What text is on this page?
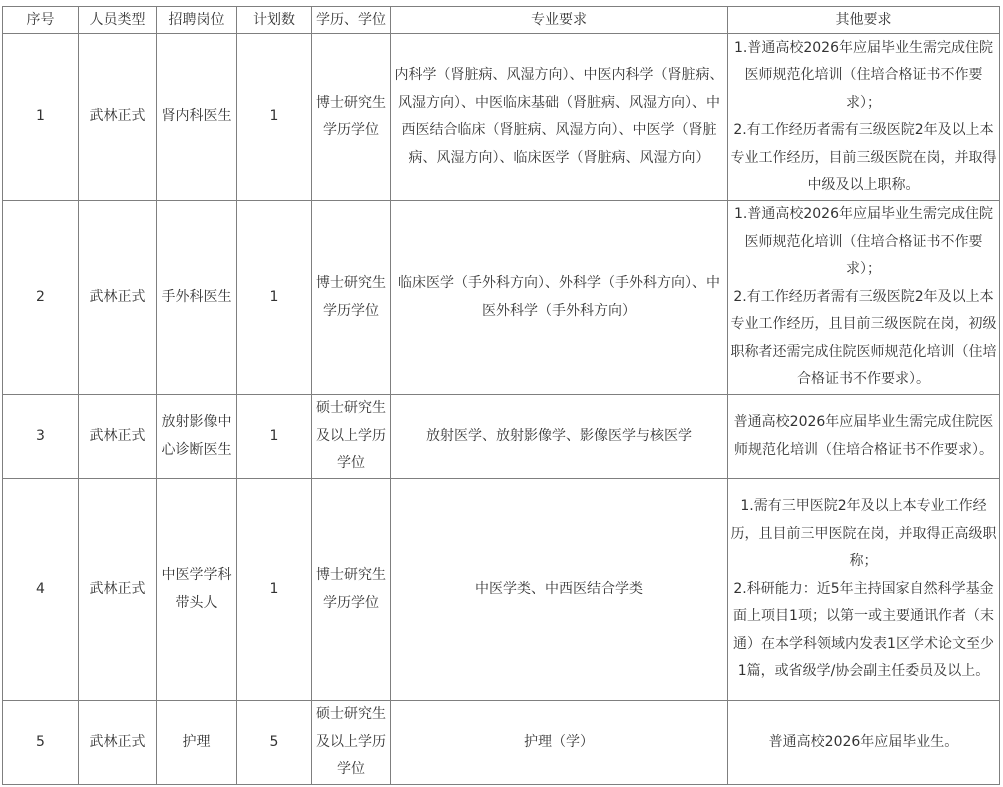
序号	人员类型	招聘岗位	计划数	学历、学位	专业要求	其他要求
1	武林正式	肾内科医生	1	博士研究生学历学位	内科学（肾脏病、风湿方向）、中医内科学（肾脏病、风湿方向）、中医临床基础（肾脏病、风湿方向）、中西医结合临床（肾脏病、风湿方向）、中医学（肾脏病、风湿方向）、临床医学（肾脏病、风湿方向）	1.普通高校2026年应届毕业生需完成住院医师规范化培训（住培合格证书不作要求）；
2.有工作经历者需有三级医院2年及以上本专业工作经历，目前三级医院在岗，并取得中级及以上职称。

2	武林正式	手外科医生	1	博士研究生学历学位	临床医学（手外科方向）、外科学（手外科方向）、中医外科学（手外科方向）	1.普通高校2026年应届毕业生需完成住院医师规范化培训（住培合格证书不作要求）；
2.有工作经历者需有三级医院2年及以上本专业工作经历，且目前三级医院在岗，初级职称者还需完成住院医师规范化培训（住培合格证书不作要求）。

3	武林正式	放射影像中心诊断医生	1	硕士研究生及以上学历学位	放射医学、放射影像学、影像医学与核医学	普通高校2026年应届毕业生需完成住院医师规范化培训（住培合格证书不作要求）。

4	武林正式	中医学学科带头人	1	博士研究生学历学位	中医学类、中西医结合学类	1.需有三甲医院2年及以上本专业工作经历，且目前三甲医院在岗，并取得正高级职称；
2.科研能力：近5年主持国家自然科学基金面上项目1项；以第一或主要通讯作者（末通）在本学科领域内发表1区学术论文至少1篇，或省级学/协会副主任委员及以上。

5	武林正式	护理	5	硕士研究生及以上学历学位	护理（学）	普通高校2026年应届毕业生。
